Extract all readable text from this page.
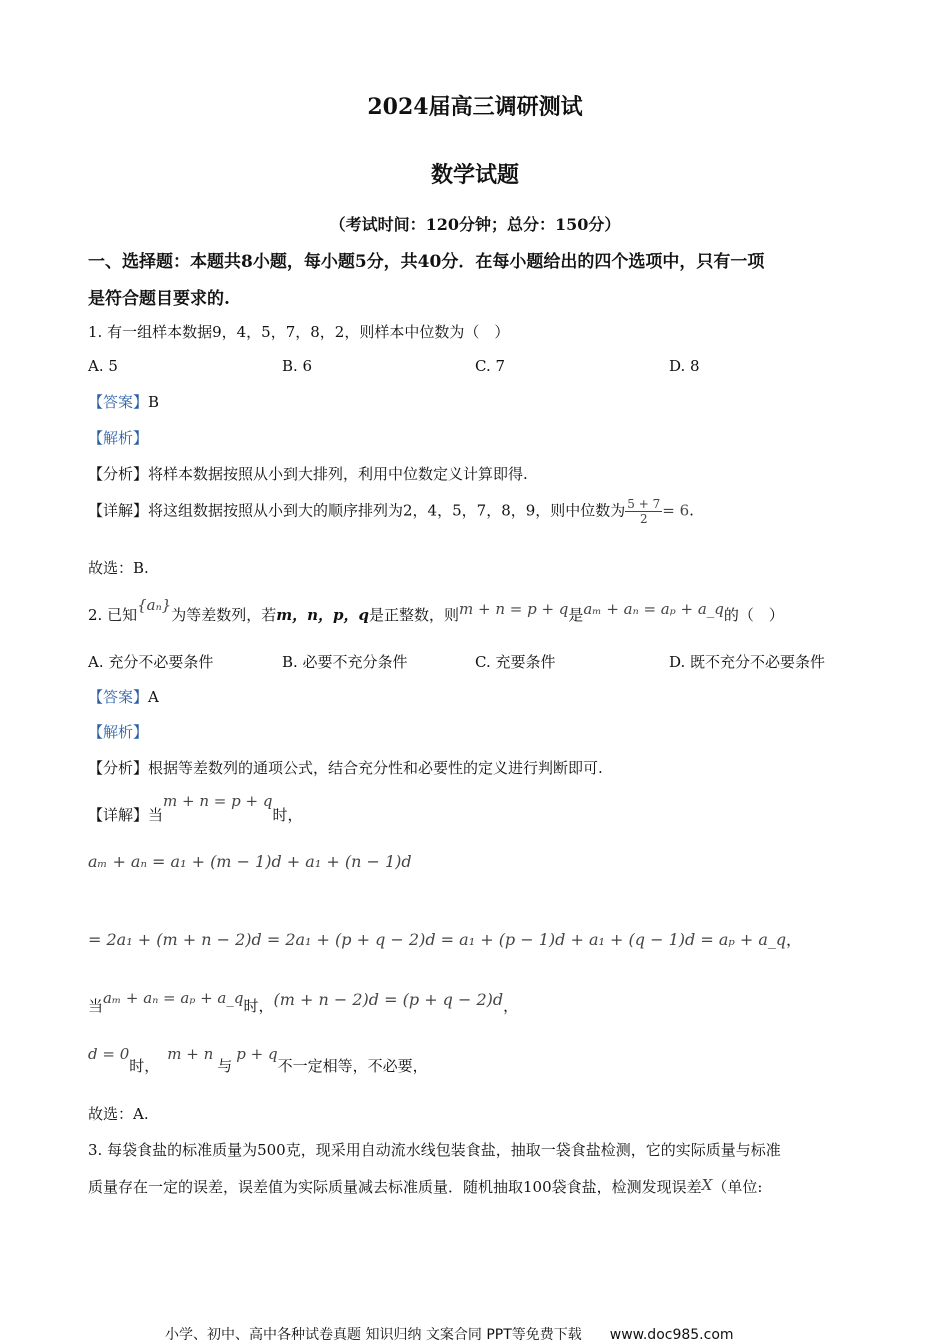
2024届高三调研测试
数学试题
（考试时间：120分钟；总分：150分）
一、选择题：本题共8小题，每小题5分，共40分．在每小题给出的四个选项中，只有一项
是符合题目要求的.
1. 有一组样本数据9，4，5，7，8，2，则样本中位数为（　）
A. 5	B. 6	C. 7	D. 8
【答案】B
【解析】
【分析】将样本数据按照从小到大排列，利用中位数定义计算即得.
【详解】将这组数据按照从小到大的顺序排列为2，4，5，7，8，9，则中位数为 $\frac{5 + 7}{2} = 6$.
故选：B.
2. 已知{aₙ}为等差数列，若m，n，p，q是正整数，则m + n = p + q是aₘ + aₙ = aₚ + a_q的（　）
A. 充分不必要条件	B. 必要不充分条件	C. 充要条件	D. 既不充分不必要条件
【答案】A
【解析】
【分析】根据等差数列的通项公式，结合充分性和必要性的定义进行判断即可.
【详解】当m + n = p + q时，
aₘ + aₙ = a₁ + (m − 1)d + a₁ + (n − 1)d
= 2a₁ + (m + n − 2)d = 2a₁ + (p + q − 2)d = a₁ + (p − 1)d + a₁ + (q − 1)d = aₚ + a_q，
当aₘ + aₙ = aₚ + a_q时，(m + n − 2)d = (p + q − 2)d，
d = 0时，m + n与p + q不一定相等，不必要，
故选：A.
3. 每袋食盐的标准质量为500克，现采用自动流水线包装食盐，抽取一袋食盐检测，它的实际质量与标准
质量存在一定的误差，误差值为实际质量减去标准质量．随机抽取100袋食盐，检测发现误差X（单位:
小学、初中、高中各种试卷真题 知识归纳 文案合同 PPT等免费下载　　www.doc985.com
